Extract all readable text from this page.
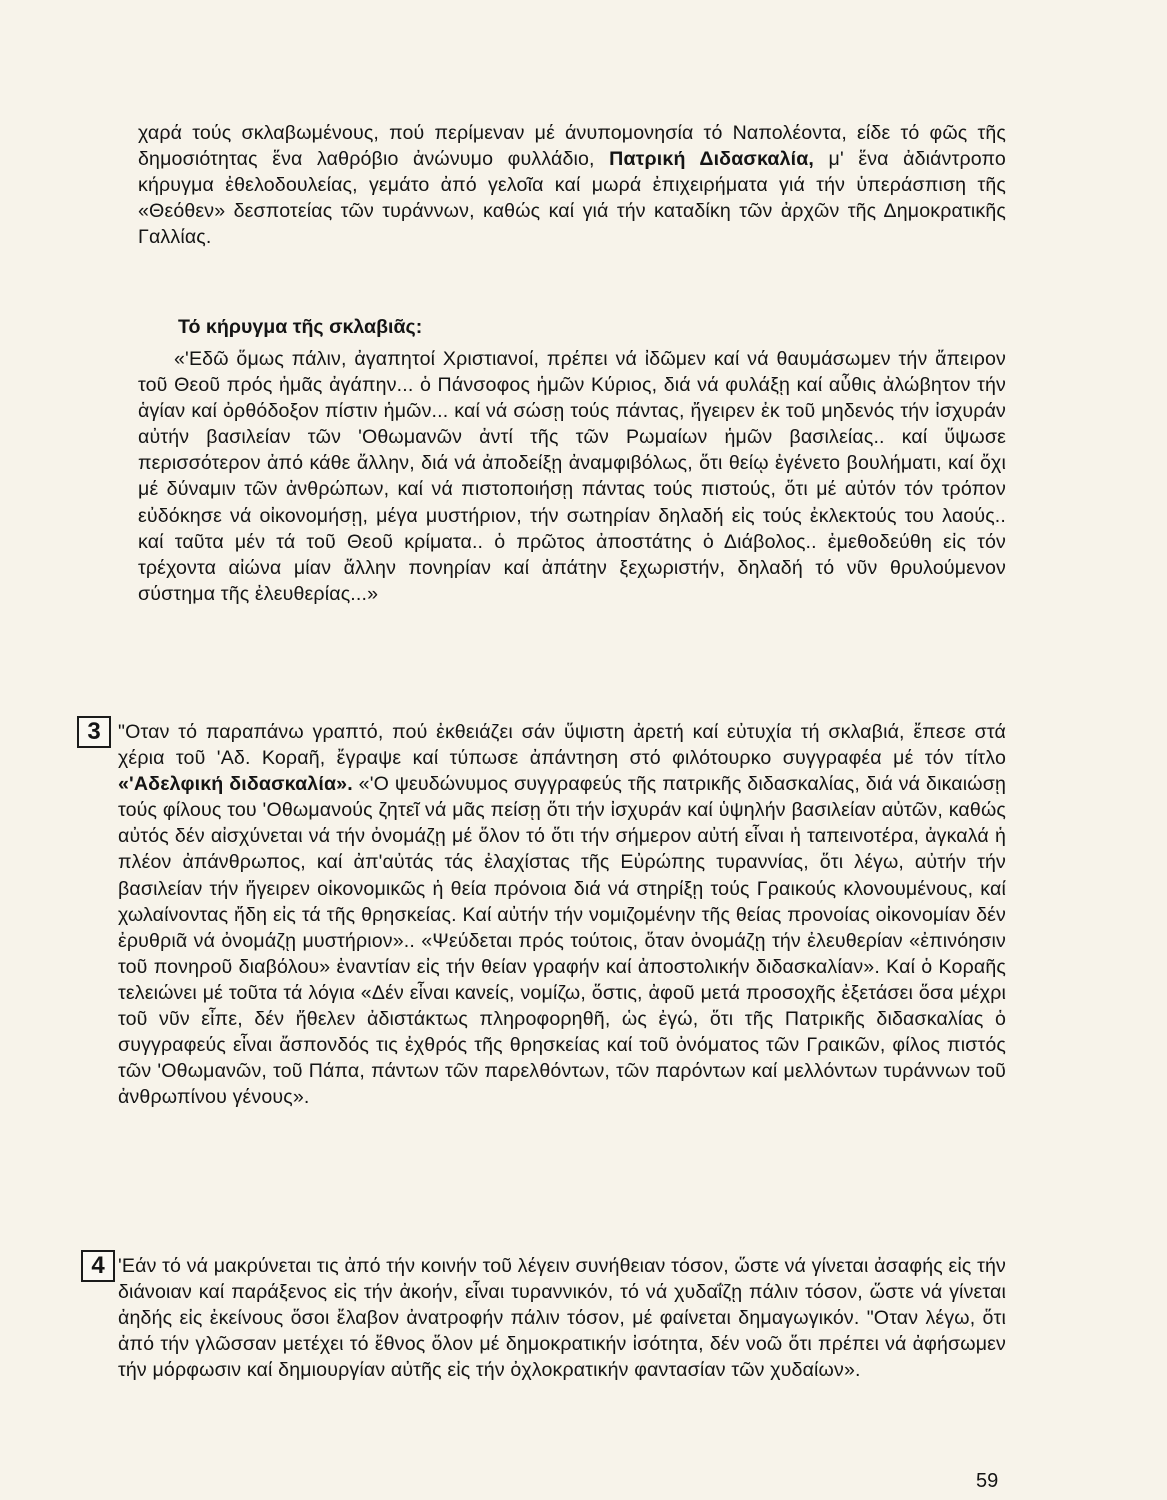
χαρά τούς σκλαβωμένους, πού περίμεναν μέ άνυπομονησία τό Ναπολέοντα, είδε τό φῶς τῆς δημοσιότητας ἕνα λαθρόβιο ἀνώνυμο φυλλάδιο, Πατρική Διδασκαλία, μ' ἕνα ἀδιάντροπο κήρυγμα ἐθελοδουλείας, γεμάτο ἀπό γελοῖα καί μωρά ἐπιχειρήματα γιά τήν ὑπεράσπιση τῆς «Θεόθεν» δεσποτείας τῶν τυράννων, καθώς καί γιά τήν καταδίκη τῶν ἀρχῶν τῆς Δημοκρατικῆς Γαλλίας.

Τό κήρυγμα τῆς σκλαβιᾶς:

«'Εδῶ ὅμως πάλιν, ἀγαπητοί Χριστιανοί, πρέπει νά ἰδῶμεν καί νά θαυμάσωμεν τήν ἄπειρον τοῦ Θεοῦ πρός ἡμᾶς ἀγάπην... ὁ Πάνσοφος ἡμῶν Κύριος, διά νά φυλάξῃ καί αὖθις ἀλώβητον τήν ἁγίαν καί ὀρθόδοξον πίστιν ἡμῶν... καί νά σώσῃ τούς πάντας, ἤγειρεν ἐκ τοῦ μηδενός τήν ἰσχυράν αὐτήν βασιλείαν τῶν 'Οθωμανῶν ἀντί τῆς τῶν Ρωμαίων ἡμῶν βασιλείας.. καί ὕψωσε περισσότερον ἀπό κάθε ἄλλην, διά νά ἀποδείξῃ ἀναμφιβόλως, ὅτι θείῳ ἐγένετο βουλήματι, καί ὄχι μέ δύναμιν τῶν ἀνθρώπων, καί νά πιστοποιήσῃ πάντας τούς πιστούς, ὅτι μέ αὐτόν τόν τρόπον εὐδόκησε νά οἰκονομήσῃ, μέγα μυστήριον, τήν σωτηρίαν δηλαδή εἰς τούς ἐκλεκτούς του λαούς.. καί ταῦτα μέν τά τοῦ Θεοῦ κρίματα.. ὁ πρῶτος ἀποστάτης ὁ Διάβολος.. ἐμεθοδεύθη εἰς τόν τρέχοντα αἰώνα μίαν ἄλλην πονηρίαν καί ἀπάτην ξεχωριστήν, δηλαδή τό νῦν θρυλούμενον σύστημα τῆς ἐλευθερίας...»

3 "Οταν τό παραπάνω γραπτό, πού ἐκθειάζει σάν ὕψιστη ἀρετή καί εὐτυχία τή σκλαβιά, ἔπεσε στά χέρια τοῦ 'Αδ. Κοραῆ, ἔγραψε καί τύπωσε ἀπάντηση στό φιλότουρκο συγγραφέα μέ τόν τίτλο «'Αδελφική διδασκαλία». «'Ο ψευδώνυμος συγγραφεύς τῆς πατρικῆς διδασκαλίας, διά νά δικαιώσῃ τούς φίλους του 'Οθωμανούς ζητεῖ νά μᾶς πείσῃ ὅτι τήν ἰσχυράν καί ὑψηλήν βασιλείαν αὐτῶν, καθώς αὐτός δέν αἰσχύνεται νά τήν ὀνομάζῃ μέ ὅλον τό ὅτι τήν σήμερον αὐτή εἶναι ἡ ταπεινοτέρα, ἀγκαλά ἡ πλέον ἀπάνθρωπος, καί ἀπ'αὐτάς τάς ἐλαχίστας τῆς Εὐρώπης τυραννίας, ὅτι λέγω, αὐτήν τήν βασιλείαν τήν ἤγειρεν οἰκονομικῶς ἡ θεία πρόνοια διά νά στηρίξῃ τούς Γραικούς κλονουμένους, καί χωλαίνοντας ἤδη εἰς τά τῆς θρησκείας. Καί αὐτήν τήν νομιζομένην τῆς θείας προνοίας οἰκονομίαν δέν ἐρυθριᾶ νά ὀνομάζῃ μυστήριον».. «Ψεύδεται πρός τούτοις, ὅταν ὀνομάζῃ τήν ἐλευθερίαν «ἐπινόησιν τοῦ πονηροῦ διαβόλου» ἐναντίαν εἰς τήν θείαν γραφήν καί ἀποστολικήν διδασκαλίαν». Καί ὁ Κοραῆς τελειώνει μέ τοῦτα τά λόγια «Δέν εἶναι κανείς, νομίζω, ὅστις, ἀφοῦ μετά προσοχῆς ἐξετάσει ὅσα μέχρι τοῦ νῦν εἶπε, δέν ἤθελεν ἀδιστάκτως πληροφορηθῆ, ὡς ἐγώ, ὅτι τῆς Πατρικῆς διδασκαλίας ὁ συγγραφεύς εἶναι ἄσπονδός τις ἐχθρός τῆς θρησκείας καί τοῦ ὀνόματος τῶν Γραικῶν, φίλος πιστός τῶν 'Οθωμανῶν, τοῦ Πάπα, πάντων τῶν παρελθόντων, τῶν παρόντων καί μελλόντων τυράννων τοῦ ἀνθρωπίνου γένους».

4 'Εάν τό νά μακρύνεται τις ἀπό τήν κοινήν τοῦ λέγειν συνήθειαν τόσον, ὥστε νά γίνεται ἀσαφής εἰς τήν διάνοιαν καί παράξενος εἰς τήν ἀκοήν, εἶναι τυραννικόν, τό νά χυδαΐζῃ πάλιν τόσον, ὥστε νά γίνεται ἀηδής εἰς ἐκείνους ὅσοι ἔλαβον ἀνατροφήν πάλιν τόσον, μέ φαίνεται δημαγωγικόν. "Οταν λέγω, ὅτι ἀπό τήν γλῶσσαν μετέχει τό ἔθνος ὅλον μέ δημοκρατικήν ἰσότητα, δέν νοῶ ὅτι πρέπει νά ἀφήσωμεν τήν μόρφωσιν καί δημιουργίαν αὐτῆς εἰς τήν ὀχλοκρατικήν φαντασίαν τῶν χυδαίων».

59
